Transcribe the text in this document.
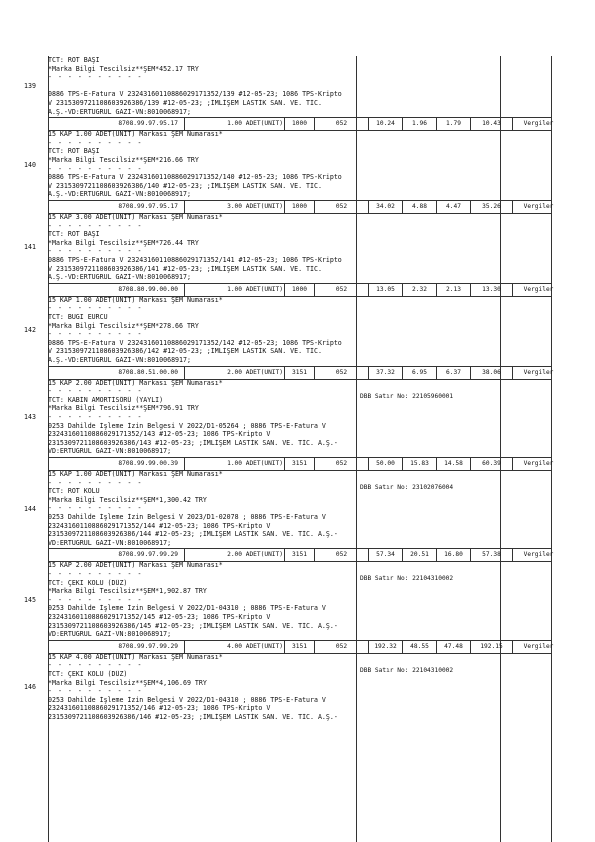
TCT: ROT BAŞI
*Marka Bilgi Tescilsiz**ŞEM*452.17 TRY
- - - - - - - - - -

0886 TPS-E-Fatura V 23243160110886029171352/139 #12-05-23; 1086 TPS-Kripto
V 2315309721108603926386/139 #12-05-23; ;İMLİŞEM LASTİK SAN. VE. TİC.
A.Ş.-VD:ERTUGRUL GAZİ-VN:8010068917;
139
8708.99.97.95.17	1.00 ADET(UNIT)	1000	052	10.24	1.96	1.79	10.43	Vergiler
15 KAP 1.00 ADET(UNIT) Markası ŞEM Numarası*
- - - - - - - - - -
TCT: ROT BAŞI
*Marka Bilgi Tescilsiz**ŞEM*216.66 TRY
- - - - - - - - - -
0886 TPS-E-Fatura V 23243160110886029171352/140 #12-05-23; 1086 TPS-Kripto
V 2315309721108603926386/140 #12-05-23; ;İMLİŞEM LASTİK SAN. VE. TİC.
A.Ş.-VD:ERTUGRUL GAZİ-VN:8010068917;
140
8708.99.97.95.17	3.00 ADET(UNIT)	1000	052	34.02	4.88	4.47	35.26	Vergiler
15 KAP 3.00 ADET(UNIT) Markası ŞEM Numarası*
- - - - - - - - - -
TCT: ROT BAŞI
*Marka Bilgi Tescilsiz**ŞEM*726.44 TRY
- - - - - - - - - -
0886 TPS-E-Fatura V 23243160110886029171352/141 #12-05-23; 1086 TPS-Kripto
V 2315309721108603926386/141 #12-05-23; ;İMLİŞEM LASTİK SAN. VE. TİC.
A.Ş.-VD:ERTUGRUL GAZİ-VN:8010068917;
141
8708.80.99.00.00	1.00 ADET(UNIT)	1000	052	13.05	2.32	2.13	13.30	Vergiler
15 KAP 1.00 ADET(UNIT) Markası ŞEM Numarası*
- - - - - - - - - -
TCT: BUGI EURCU
*Marka Bilgi Tescilsiz**ŞEM*278.66 TRY
- - - - - - - - - -
0886 TPS-E-Fatura V 23243160110886029171352/142 #12-05-23; 1086 TPS-Kripto
V 2315309721108603926386/142 #12-05-23; ;İMLİŞEM LASTİK SAN. VE. TİC.
A.Ş.-VD:ERTUGRUL GAZİ-VN:8010068917;
142
8708.80.51.00.00	2.00 ADET(UNIT)	3151	052	37.32	6.95	6.37	38.06	Vergiler
15 KAP 2.00 ADET(UNIT) Markası ŞEM Numarası*
- - - - - - - - - -
TCT: KABİN AMORTİSÖRÜ (YAYLI)
*Marka Bilgi Tescilsiz**ŞEM*796.91 TRY
- - - - - - - - - -
0253 Dahilde İşleme İzin Belgesi V 2022/D1-05264 ; 0886 TPS-E-Fatura V
23243160110886029171352/143 #12-05-23; 1086 TPS-Kripto V
2315309721108603926386/143 #12-05-23; ;İMLİŞEM LASTİK SAN. VE. TİC. A.Ş.-
VD:ERTUGRUL GAZİ-VN:8010068917;
143
DBB Satır No: 22105960001
8708.99.99.00.39	1.00 ADET(UNIT)	3151	052	50.00	15.83	14.58	60.39	Vergiler
15 KAP 1.00 ADET(UNIT) Markası ŞEM Numarası*
- - - - - - - - - -
TCT: ROT KOLU
*Marka Bilgi Tescilsiz**ŞEM*1,300.42 TRY
- - - - - - - - - -
0253 Dahilde İşleme İzin Belgesi V 2023/D1-02078 ; 0886 TPS-E-Fatura V
23243160110886029171352/144 #12-05-23; 1086 TPS-Kripto V
2315309721108603926386/144 #12-05-23; ;İMLİŞEM LASTİK SAN. VE. TİC. A.Ş.-
VD:ERTUGRUL GAZİ-VN:8010068917;
144
DBB Satır No: 23102076004
8708.99.97.99.29	2.00 ADET(UNIT)	3151	052	57.34	20.51	16.80	57.38	Vergiler
15 KAP 2.00 ADET(UNIT) Markası ŞEM Numarası*
- - - - - - - - - -
TCT: ÇEKI KOLU (DÜZ)
*Marka Bilgi Tescilsiz**ŞEM*1,902.87 TRY
- - - - - - - - - -
0253 Dahilde İşleme İzin Belgesi V 2022/D1-04310 ; 0886 TPS-E-Fatura V
23243160110886029171352/145 #12-05-23; 1086 TPS-Kripto V
2315309721108603926386/145 #12-05-23; ;İMLİŞEM LASTİK SAN. VE. TİC. A.Ş.-
VD:ERTUGRUL GAZİ-VN:8010068917;
145
DBB Satır No: 22104310002
8708.99.97.99.29	4.00 ADET(UNIT)	3151	052	192.32	48.55	47.48	192.15	Vergiler
15 KAP 4.00 ADET(UNIT) Markası ŞEM Numarası*
- - - - - - - - - -
TCT: ÇEKI KOLU (DÜZ)
*Marka Bilgi Tescilsiz**ŞEM*4,106.69 TRY
- - - - - - - - - -
0253 Dahilde İşleme İzin Belgesi V 2022/D1-04310 ; 0886 TPS-E-Fatura V
23243160110886029171352/146 #12-05-23; 1086 TPS-Kripto V
2315309721108603926386/146 #12-05-23; ;İMLİŞEM LASTİK SAN. VE. TİC. A.Ş.-
146
DBB Satır No: 22104310002
